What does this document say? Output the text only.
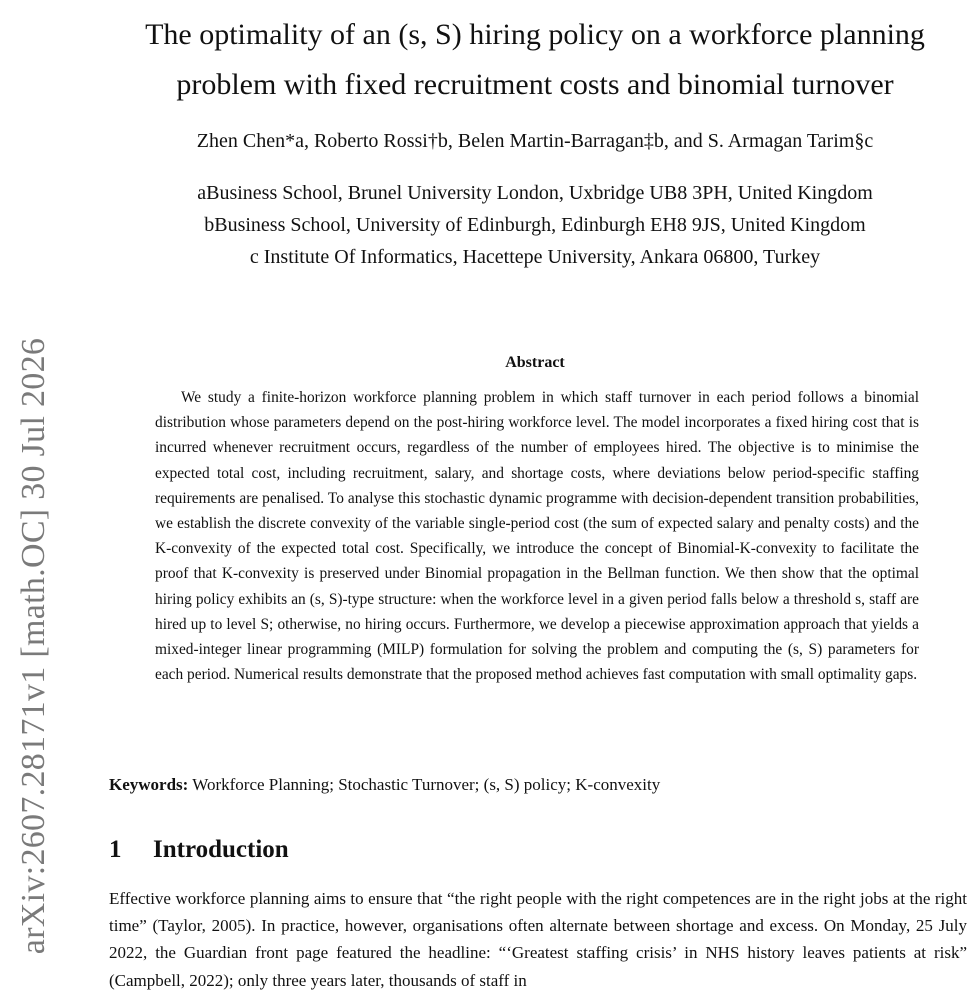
arXiv:2607.28171v1 [math.OC] 30 Jul 2026
The optimality of an (s, S) hiring policy on a workforce planning
problem with fixed recruitment costs and binomial turnover
Zhen Chen*a, Roberto Rossi†b, Belen Martin-Barragan‡b, and S. Armagan Tarim§c
aBusiness School, Brunel University London, Uxbridge UB8 3PH, United Kingdom
bBusiness School, University of Edinburgh, Edinburgh EH8 9JS, United Kingdom
c Institute Of Informatics, Hacettepe University, Ankara 06800, Turkey
Abstract

We study a finite-horizon workforce planning problem in which staff turnover in each period follows a binomial distribution whose parameters depend on the post-hiring workforce level. The model incorporates a fixed hiring cost that is incurred whenever recruitment occurs, regardless of the number of employees hired. The objective is to minimise the expected total cost, including recruitment, salary, and shortage costs, where deviations below period-specific staffing requirements are penalised. To analyse this stochastic dynamic programme with decision-dependent transition probabilities, we establish the discrete convexity of the variable single-period cost (the sum of expected salary and penalty costs) and the K-convexity of the expected total cost. Specifically, we introduce the concept of Binomial-K-convexity to facilitate the proof that K-convexity is preserved under Binomial propagation in the Bellman function. We then show that the optimal hiring policy exhibits an (s, S)-type structure: when the workforce level in a given period falls below a threshold s, staff are hired up to level S; otherwise, no hiring occurs. Furthermore, we develop a piecewise approximation approach that yields a mixed-integer linear programming (MILP) formulation for solving the problem and computing the (s, S) parameters for each period. Numerical results demonstrate that the proposed method achieves fast computation with small optimality gaps.

Keywords: Workforce Planning; Stochastic Turnover; (s, S) policy; K-convexity
1 Introduction

Effective workforce planning aims to ensure that “the right people with the right competences are in the right jobs at the right time” (Taylor, 2005). In practice, however, organisations often alternate between shortage and excess. On Monday, 25 July 2022, the Guardian front page featured the headline: “‘Greatest staffing crisis’ in NHS history leaves patients at risk” (Campbell, 2022); only three years later, thousands of staff in
